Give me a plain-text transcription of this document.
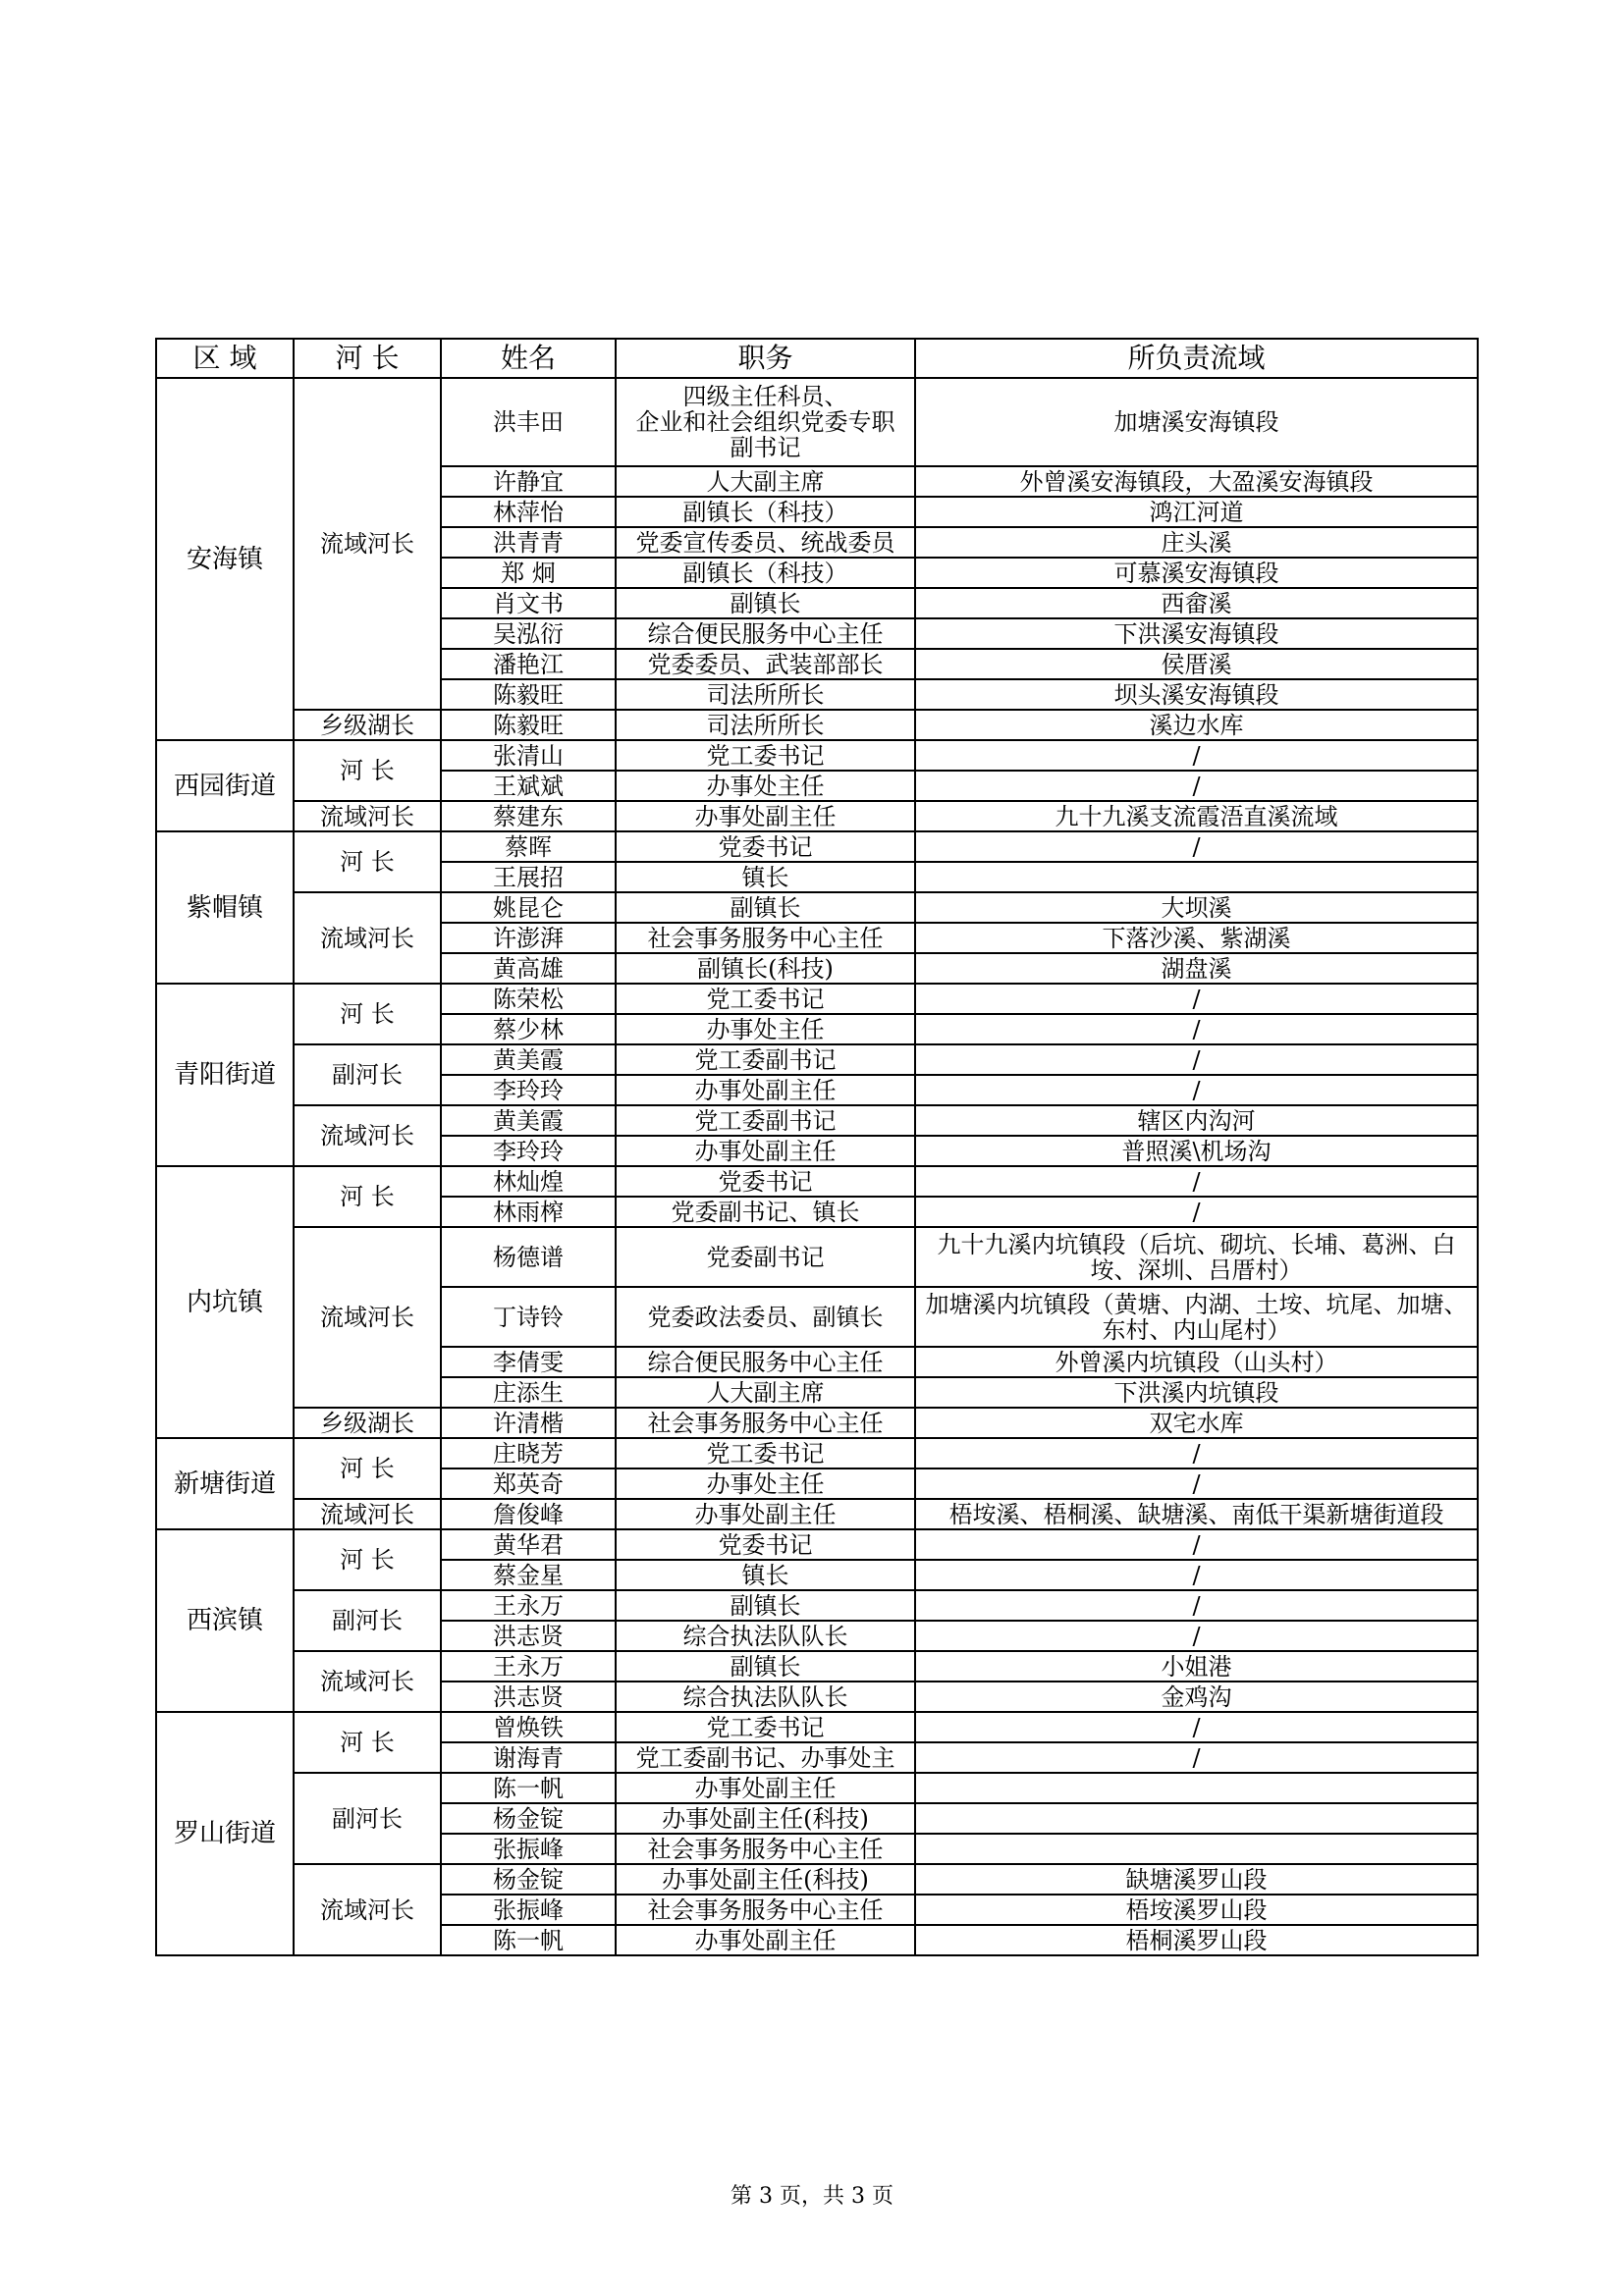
区 域	河 长	姓名	职务	所负责流域
安海镇	流域河长	洪丰田	四级主任科员、
企业和社会组织党委专职
副书记	加塘溪安海镇段
		许静宜	人大副主席	外曾溪安海镇段，大盈溪安海镇段
		林萍怡	副镇长（科技）	鸿江河道
		洪青青	党委宣传委员、统战委员	庄头溪
		郑 炯	副镇长（科技）	可慕溪安海镇段
		肖文书	副镇长	西畲溪
		吴泓衍	综合便民服务中心主任	下洪溪安海镇段
		潘艳江	党委委员、武装部部长	侯厝溪
		陈毅旺	司法所所长	坝头溪安海镇段
	乡级湖长	陈毅旺	司法所所长	溪边水库
西园街道	河 长	张清山	党工委书记	/
		王斌斌	办事处主任	/
	流域河长	蔡建东	办事处副主任	九十九溪支流霞浯直溪流域
紫帽镇	河 长	蔡晖	党委书记	/
		王展招	镇长	
	流域河长	姚昆仑	副镇长	大坝溪
		许澎湃	社会事务服务中心主任	下落沙溪、紫湖溪
		黄高雄	副镇长(科技)	湖盘溪
青阳街道	河 长	陈荣松	党工委书记	/
		蔡少林	办事处主任	/
	副河长	黄美霞	党工委副书记	/
		李玲玲	办事处副主任	/
	流域河长	黄美霞	党工委副书记	辖区内沟河
		李玲玲	办事处副主任	普照溪\机场沟
内坑镇	河 长	林灿煌	党委书记	/
		林雨榨	党委副书记、镇长	/
	流域河长	杨德谱	党委副书记	九十九溪内坑镇段（后坑、砌坑、长埔、葛洲、白垵、深圳、吕厝村）
		丁诗铃	党委政法委员、副镇长	加塘溪内坑镇段（黄塘、内湖、土垵、坑尾、加塘、东村、内山尾村）
		李倩雯	综合便民服务中心主任	外曾溪内坑镇段（山头村）
		庄添生	人大副主席	下洪溪内坑镇段
	乡级湖长	许清楷	社会事务服务中心主任	双宅水库
新塘街道	河 长	庄晓芳	党工委书记	/
		郑英奇	办事处主任	/
	流域河长	詹俊峰	办事处副主任	梧垵溪、梧桐溪、缺塘溪、南低干渠新塘街道段
西滨镇	河 长	黄华君	党委书记	/
		蔡金星	镇长	/
	副河长	王永万	副镇长	/
		洪志贤	综合执法队队长	/
	流域河长	王永万	副镇长	小姐港
		洪志贤	综合执法队队长	金鸡沟
罗山街道	河 长	曾焕铁	党工委书记	/
		谢海青	党工委副书记、办事处主	/
	副河长	陈一帆	办事处副主任	
		杨金锭	办事处副主任(科技)	
		张振峰	社会事务服务中心主任	
	流域河长	杨金锭	办事处副主任(科技)	缺塘溪罗山段
		张振峰	社会事务服务中心主任	梧垵溪罗山段
		陈一帆	办事处副主任	梧桐溪罗山段
第 3 页，共 3 页
